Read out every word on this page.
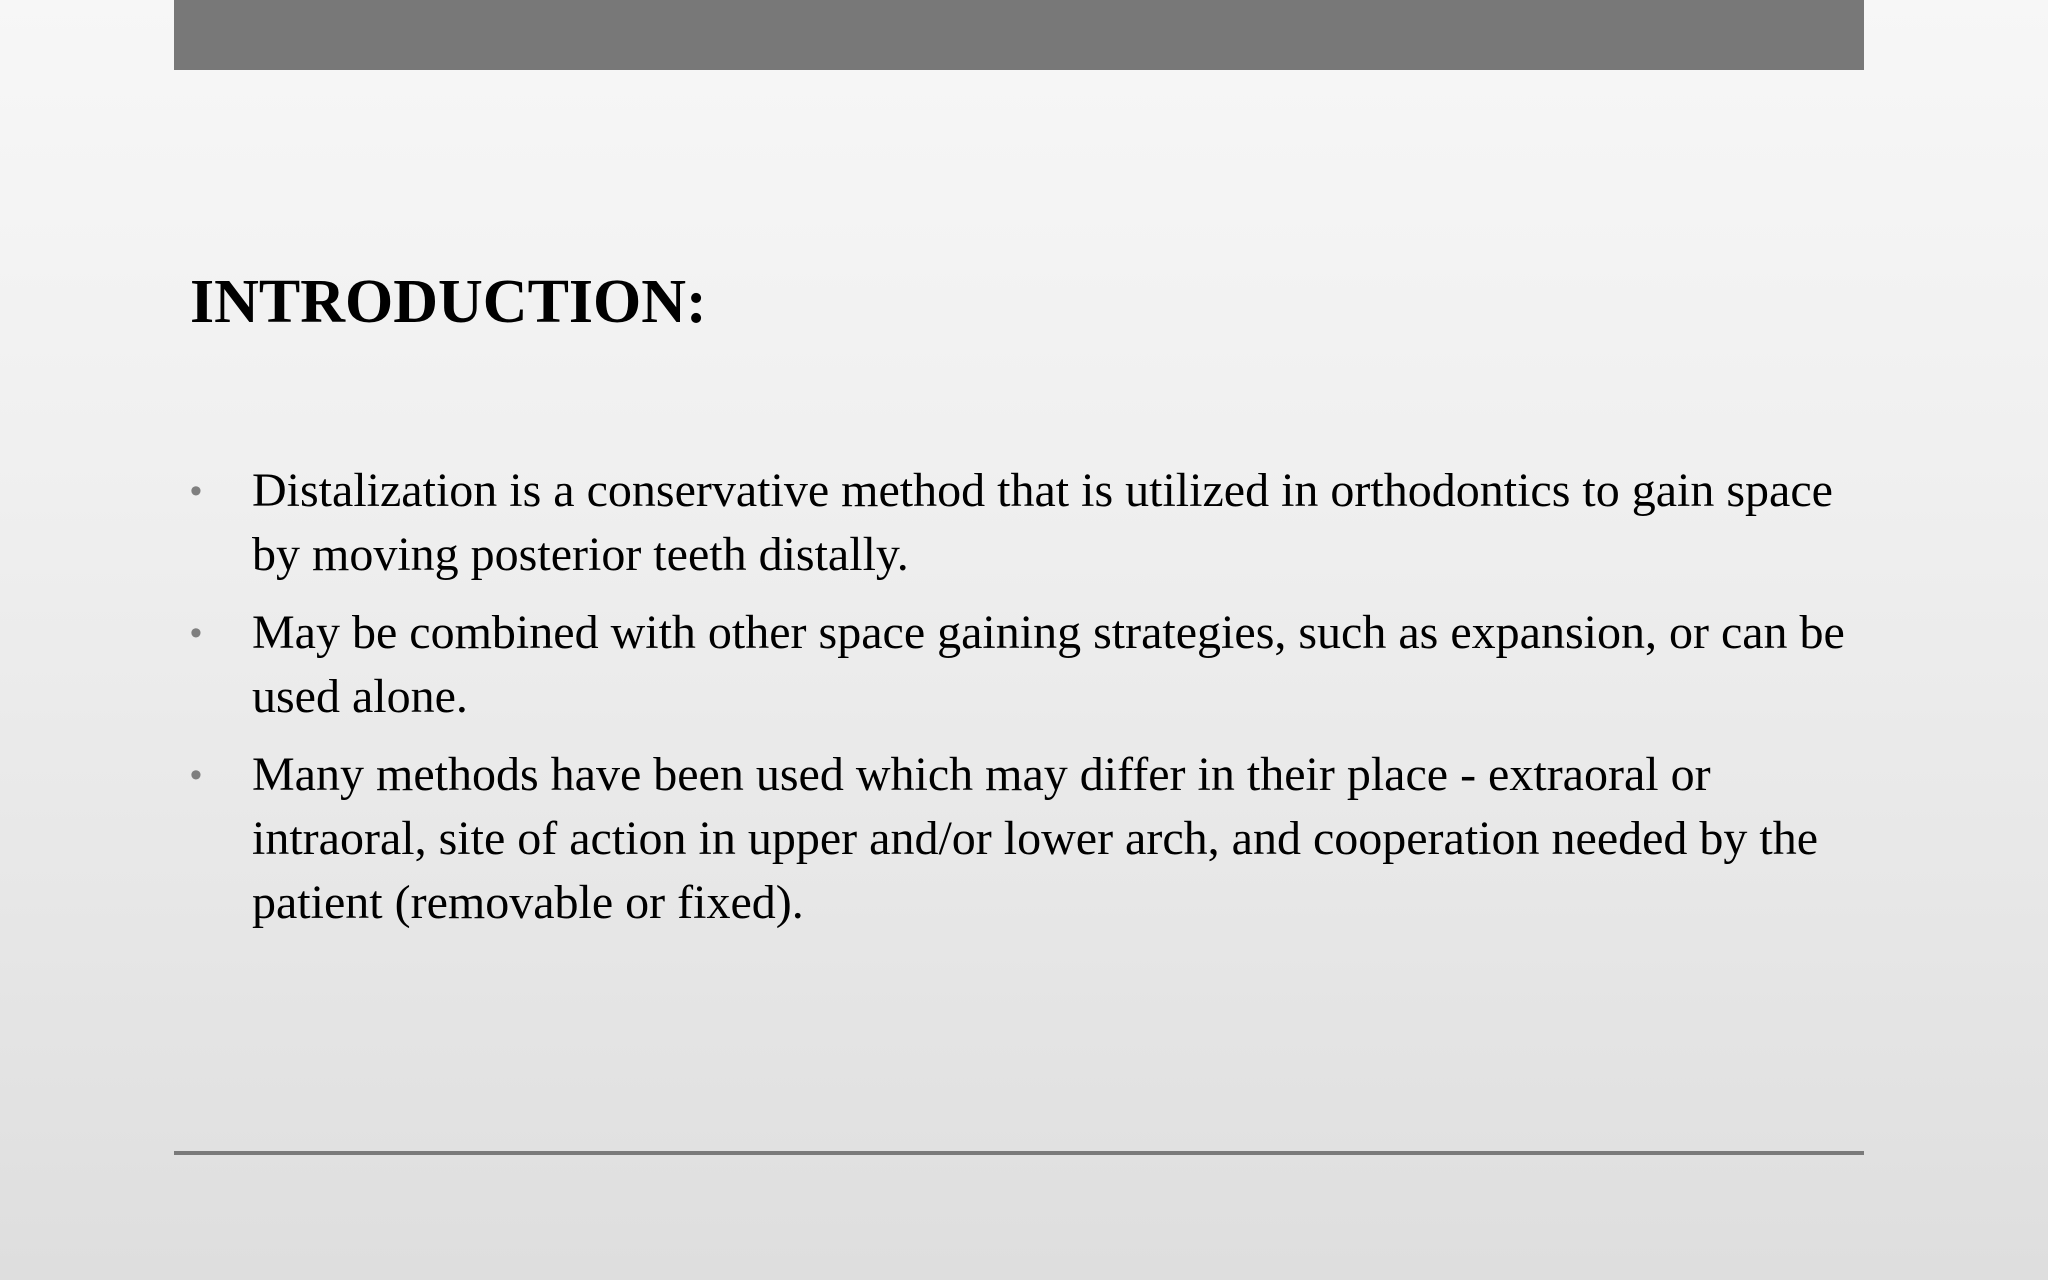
INTRODUCTION:
•	Distalization is a conservative method that is utilized in orthodontics to gain space by moving posterior teeth distally.
•	May be combined with other space gaining strategies, such as expansion, or can be used alone.
•	Many methods have been used which may differ in their place - extraoral or intraoral, site of action in upper and/or lower arch, and cooperation needed by the patient (removable or fixed).
